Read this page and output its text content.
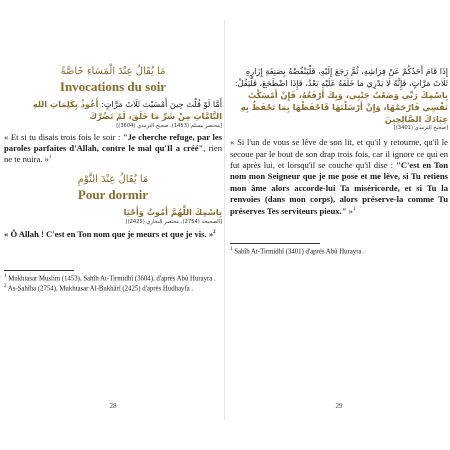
مَا يُقَالُ عِنْدَ الْمَسَاءِ خَاصَّةً
Invocations du soir
أَمَّا لَوْ قُلْتَ حِينَ أَمْسَيْتَ ثَلَاثَ مَرَّاتٍ: أَعُوذُ بِكَلِمَاتِ اللهِ التَّامَّاتِ مِنْ شَرِّ مَا خَلَقَ، لَمْ تَضُرَّكَ
[مختصر مسلم (1453)، صحيح الترمذي (3604)]
« Et si tu disais trois fois le soir : "Je cherche refuge, par les paroles parfaites d'Allah, contre le mal qu'Il a créé", rien ne te nuira. »$^1$
مَا يُقَالُ عِنْدَ النَّوْمِ
Pour dormir
بِاسْمِكَ اللَّهُمَّ أَمُوتُ وَأَحْيَا
[الصحيحة (2754)، مختصر البخاري (2425)]
« Ô Allah ! C'est en Ton nom que je meurs et que je vis. »$^2$
$^1$ Mukhtasar Muslim (1453), Sahîh At-Tirmidhî (3604), d'après Abû Hurayra .
$^2$ As-Sahîha (2754), Mukhtasar Al-Bukhârî (2425) d'après Hudhayfa .
28
إِذَا قَامَ أَحَدُكُمْ عَنْ فِرَاشِهِ، ثُمَّ رَجَعَ إِلَيْهِ، فَلْيَنْفُضْهُ بِصَنِفَةِ إِزَارِهِ ثَلَاثَ مَرَّاتٍ، فَإِنَّهُ لَا يَدْرِي مَا خَلَفَهُ عَلَيْهِ بَعْدُ، فَإِذَا اضْطَجَعَ، فَلْيَقُلْ: بِاسْمِكَ رَبِّي وَضَعْتُ جَنْبِي، وَبِكَ أَرْفَعُهُ، فَإِنْ أَمْسَكْتَ نَفْسِي فَارْحَمْهَا، وَإِنْ أَرْسَلْتَهَا فَاحْفَظْهَا بِمَا تَحْفَظُ بِهِ عِبَادَكَ الصَّالِحِينَ
[صحيح الترمذي (3401)]
« Si l'un de vous se lève de son lit, et qu'il y retourne, qu'il le secoue par le bout de son drap trois fois, car il ignore ce qui en fut après lui, et lorsqu'il se couche qu'il dise : "C'est en Ton nom mon Seigneur que je me pose et me lève, si Tu retiens mon âme alors accorde-lui Ta miséricorde, et si Tu la renvoies (dans mon corps), alors préserve-la comme Tu préserves Tes serviteurs pieux." »$^1$
$^1$ Sahîh At-Tirmidhî (3401) d'après Abû Hurayra .
29
